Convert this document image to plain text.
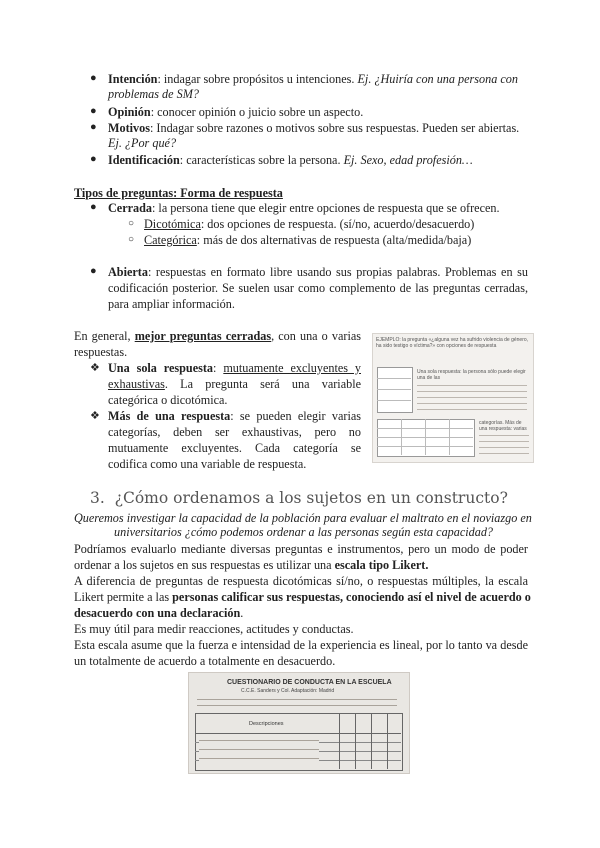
● Intención: indagar sobre propósitos u intenciones. Ej. ¿Huiría con una persona con
problemas de SM?
● Opinión: conocer opinión o juicio sobre un aspecto.
● Motivos: Indagar sobre razones o motivos sobre sus respuestas. Pueden ser abiertas.
Ej. ¿Por qué?
● Identificación: características sobre la persona. Ej. Sexo, edad profesión…
Tipos de preguntas: Forma de respuesta
● Cerrada: la persona tiene que elegir entre opciones de respuesta que se ofrecen.
○ Dicotómica: dos opciones de respuesta. (sí/no, acuerdo/desacuerdo)
○ Categórica: más de dos alternativas de respuesta (alta/medida/baja)
● Abierta: respuestas en formato libre usando sus propias palabras. Problemas en su
codificación posterior. Se suelen usar como complemento de las preguntas cerradas,
para ampliar información.
En general, mejor preguntas cerradas, con una o varias
respuestas.
❖ Una sola respuesta: mutuamente excluyentes y
exhaustivas. La pregunta será una variable
categórica o dicotómica.
❖ Más de una respuesta: se pueden elegir varias
categorías, deben ser exhaustivas, pero no
mutuamente excluyentes. Cada categoría se
codifica como una variable de respuesta.
EJEMPLO: la pregunta «¿alguna vez ha sufrido violencia de género, ha sido testigo o víctima?» con opciones de respuesta
Una sola respuesta: la persona sólo puede elegir una de las
categorías. Más de una respuesta: varias
3. ¿Cómo ordenamos a los sujetos en un constructo?
Queremos investigar la capacidad de la población para evaluar el maltrato en el noviazgo en
universitarios ¿cómo podemos ordenar a las personas según esta capacidad?
Podríamos evaluarlo mediante diversas preguntas e instrumentos, pero un modo de poder
ordenar a los sujetos en sus respuestas es utilizar una escala tipo Likert.
A diferencia de preguntas de respuesta dicotómicas sí/no, o respuestas múltiples, la escala
Likert permite a las personas calificar sus respuestas, conociendo así el nivel de acuerdo o
desacuerdo con una declaración.
Es muy útil para medir reacciones, actitudes y conductas.
Esta escala asume que la fuerza e intensidad de la experiencia es lineal, por lo tanto va desde
un totalmente de acuerdo a totalmente en desacuerdo.
CUESTIONARIO DE CONDUCTA EN LA ESCUELA
C.C.E. Sanders y Col. Adaptación: Madrid
Descripciones
